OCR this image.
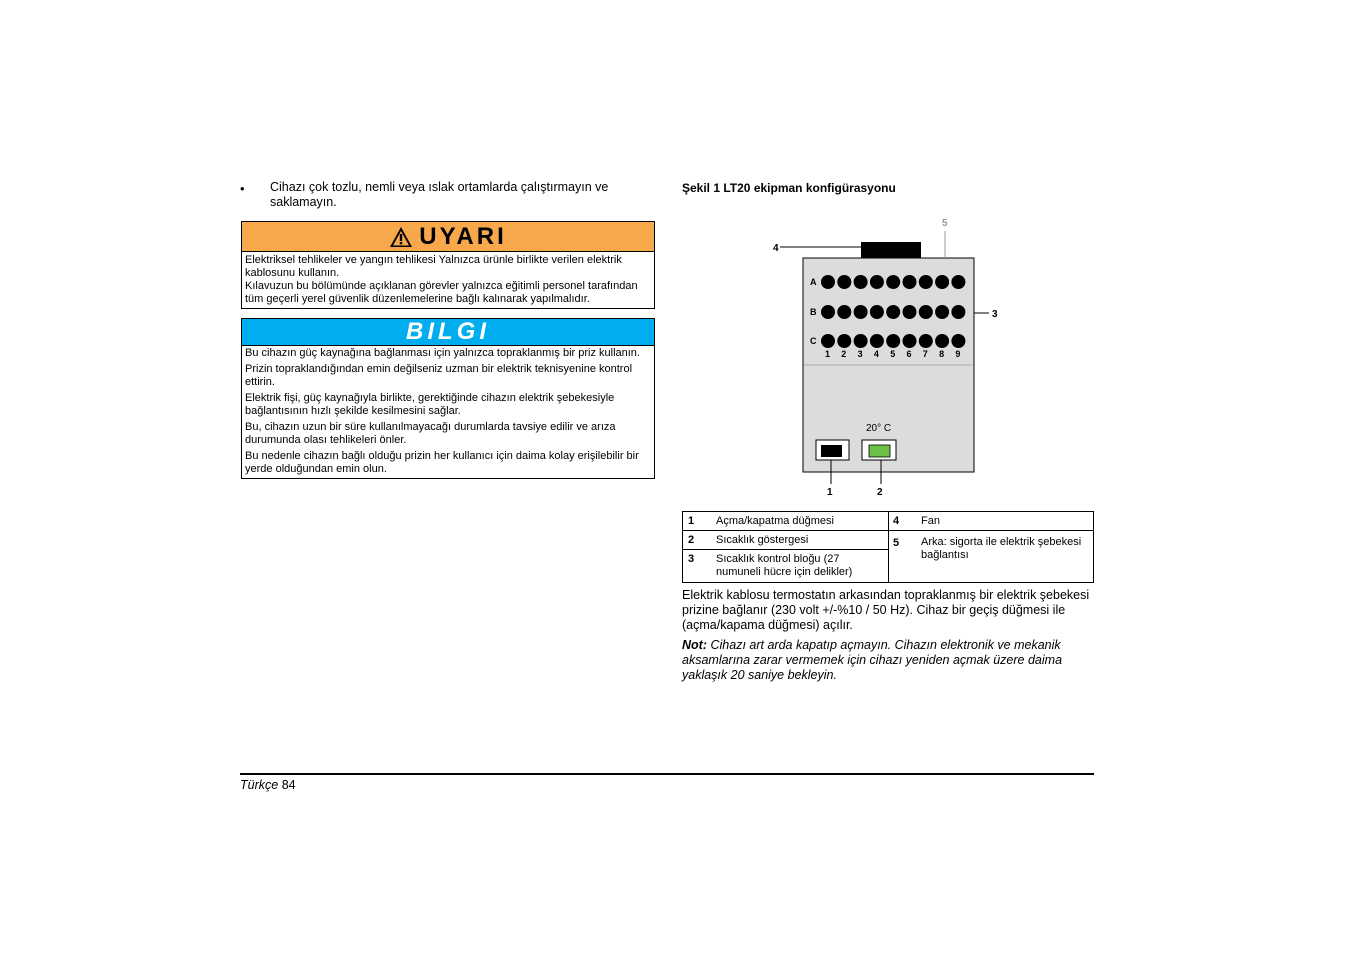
• Cihazı çok tozlu, nemli veya ıslak ortamlarda çalıştırmayın ve saklamayın.
UYARI

Elektriksel tehlikeler ve yangın tehlikesi Yalnızca ürünle birlikte verilen elektrik kablosunu kullanın.

Kılavuzun bu bölümünde açıklanan görevler yalnızca eğitimli personel tarafından tüm geçerli yerel güvenlik düzenlemelerine bağlı kalınarak yapılmalıdır.

BILGI

Bu cihazın güç kaynağına bağlanması için yalnızca topraklanmış bir priz kullanın.

Prizin topraklandığından emin değilseniz uzman bir elektrik teknisyenine kontrol ettirin.

Elektrik fişi, güç kaynağıyla birlikte, gerektiğinde cihazın elektrik şebekesiyle bağlantısının hızlı şekilde kesilmesini sağlar.

Bu, cihazın uzun bir süre kullanılmayacağı durumlarda tavsiye edilir ve arıza durumunda olası tehlikeleri önler.

Bu nedenle cihazın bağlı olduğu prizin her kullanıcı için daima kolay erişilebilir bir yerde olduğundan emin olun.

Şekil 1 LT20 ekipman konfigürasyonu
A
B
C
1 2 3 4 5 6 7 8 9
20° C
1	2
3
4
5
1 Açma/kapatma düğmesi
2 Sıcaklık göstergesi
3 Sıcaklık kontrol bloğu (27 numuneli hücre için delikler)
4 Fan
5 Arka: sigorta ile elektrik şebekesi bağlantısı
Elektrik kablosu termostatın arkasından topraklanmış bir elektrik şebekesi prizine bağlanır (230 volt +/-%10 / 50 Hz). Cihaz bir geçiş düğmesi ile (açma/kapama düğmesi) açılır.
Not: Cihazı art arda kapatıp açmayın. Cihazın elektronik ve mekanik aksamlarına zarar vermemek için cihazı yeniden açmak üzere daima yaklaşık 20 saniye bekleyin.
Türkçe 84
